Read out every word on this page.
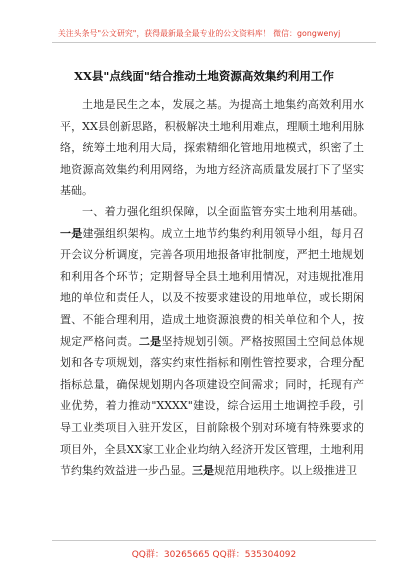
关注头条号"公文研究"，获得最新最全最专业的公文资料库！ 微信：gongwenyj

XX县"点线面"结合推动土地资源高效集约利用工作

土地是民生之本，发展之基。为提高土地集约高效利用水平，XX县创新思路，积极解决土地利用难点，理顺土地利用脉络，统筹土地利用大局，探索精细化管地用地模式，织密了土地资源高效集约利用网络，为地方经济高质量发展打下了坚实基础。

一、着力强化组织保障，以全面监管夯实土地利用基础。一是建强组织架构。成立土地节约集约利用领导小组，每月召开会议分析调度，完善各项用地报备审批制度，严把土地规划和利用各个环节；定期督导全县土地利用情况，对违规批准用地的单位和责任人，以及不按要求建设的用地单位，或长期闲置、不能合理利用，造成土地资源浪费的相关单位和个人，按规定严格问责。二是坚持规划引领。严格按照国土空间总体规划和各专项规划，落实约束性指标和刚性管控要求，合理分配指标总量，确保规划期内各项建设空间需求；同时，托现有产业优势，着力推动"XXXX"建设，综合运用土地调控手段，引导工业类项目入驻开发区，目前除极个别对环境有特殊要求的项目外，全县XX家工业企业均纳入经济开发区管理，土地利用节约集约效益进一步凸显。三是规范用地秩序。以上级推进卫

QQ群：30265665 QQ群：535304092
